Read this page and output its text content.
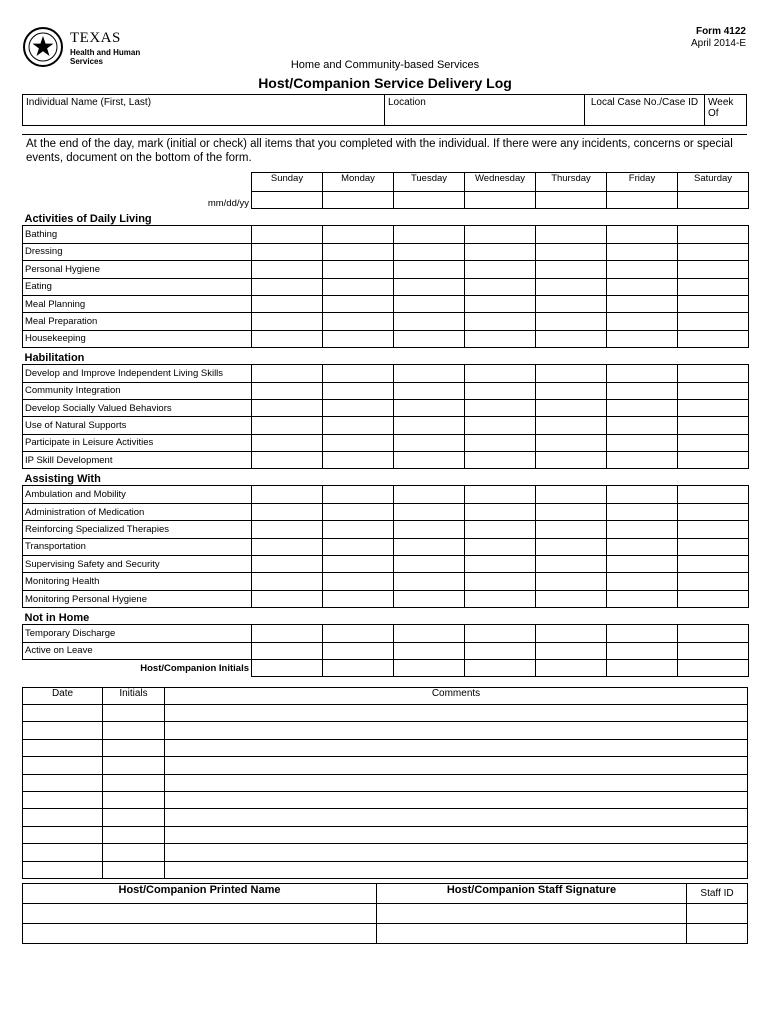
TEXAS
Health and Human
Services
Form 4122
April 2014-E
Home and Community-based Services
Host/Companion Service Delivery Log
Individual Name (First, Last)	Location	Local Case No./Case ID Week Of
At the end of the day, mark (initial or check) all items that you completed with the individual. If there were any incidents, concerns or special events, document on the bottom of the form.
	Sunday	Monday	Tuesday	Wednesday	Thursday	Friday	Saturday
mm/dd/yy							
Activities of Daily Living							
Bathing							
Dressing							
Personal Hygiene							
Eating							
Meal Planning							
Meal Preparation							
Housekeeping							
Habilitation							
Develop and Improve Independent Living Skills							
Community Integration							
Develop Socially Valued Behaviors							
Use of Natural Supports							
Participate in Leisure Activities							
IP Skill Development							
Assisting With							
Ambulation and Mobility							
Administration of Medication							
Reinforcing Specialized Therapies							
Transportation							
Supervising Safety and Security							
Monitoring Health							
Monitoring Personal Hygiene							
Not in Home							
Temporary Discharge							
Active on Leave							
Host/Companion Initials							
Date	Initials	Comments

Host/Companion Printed Name	Host/Companion Staff Signature	Staff ID
